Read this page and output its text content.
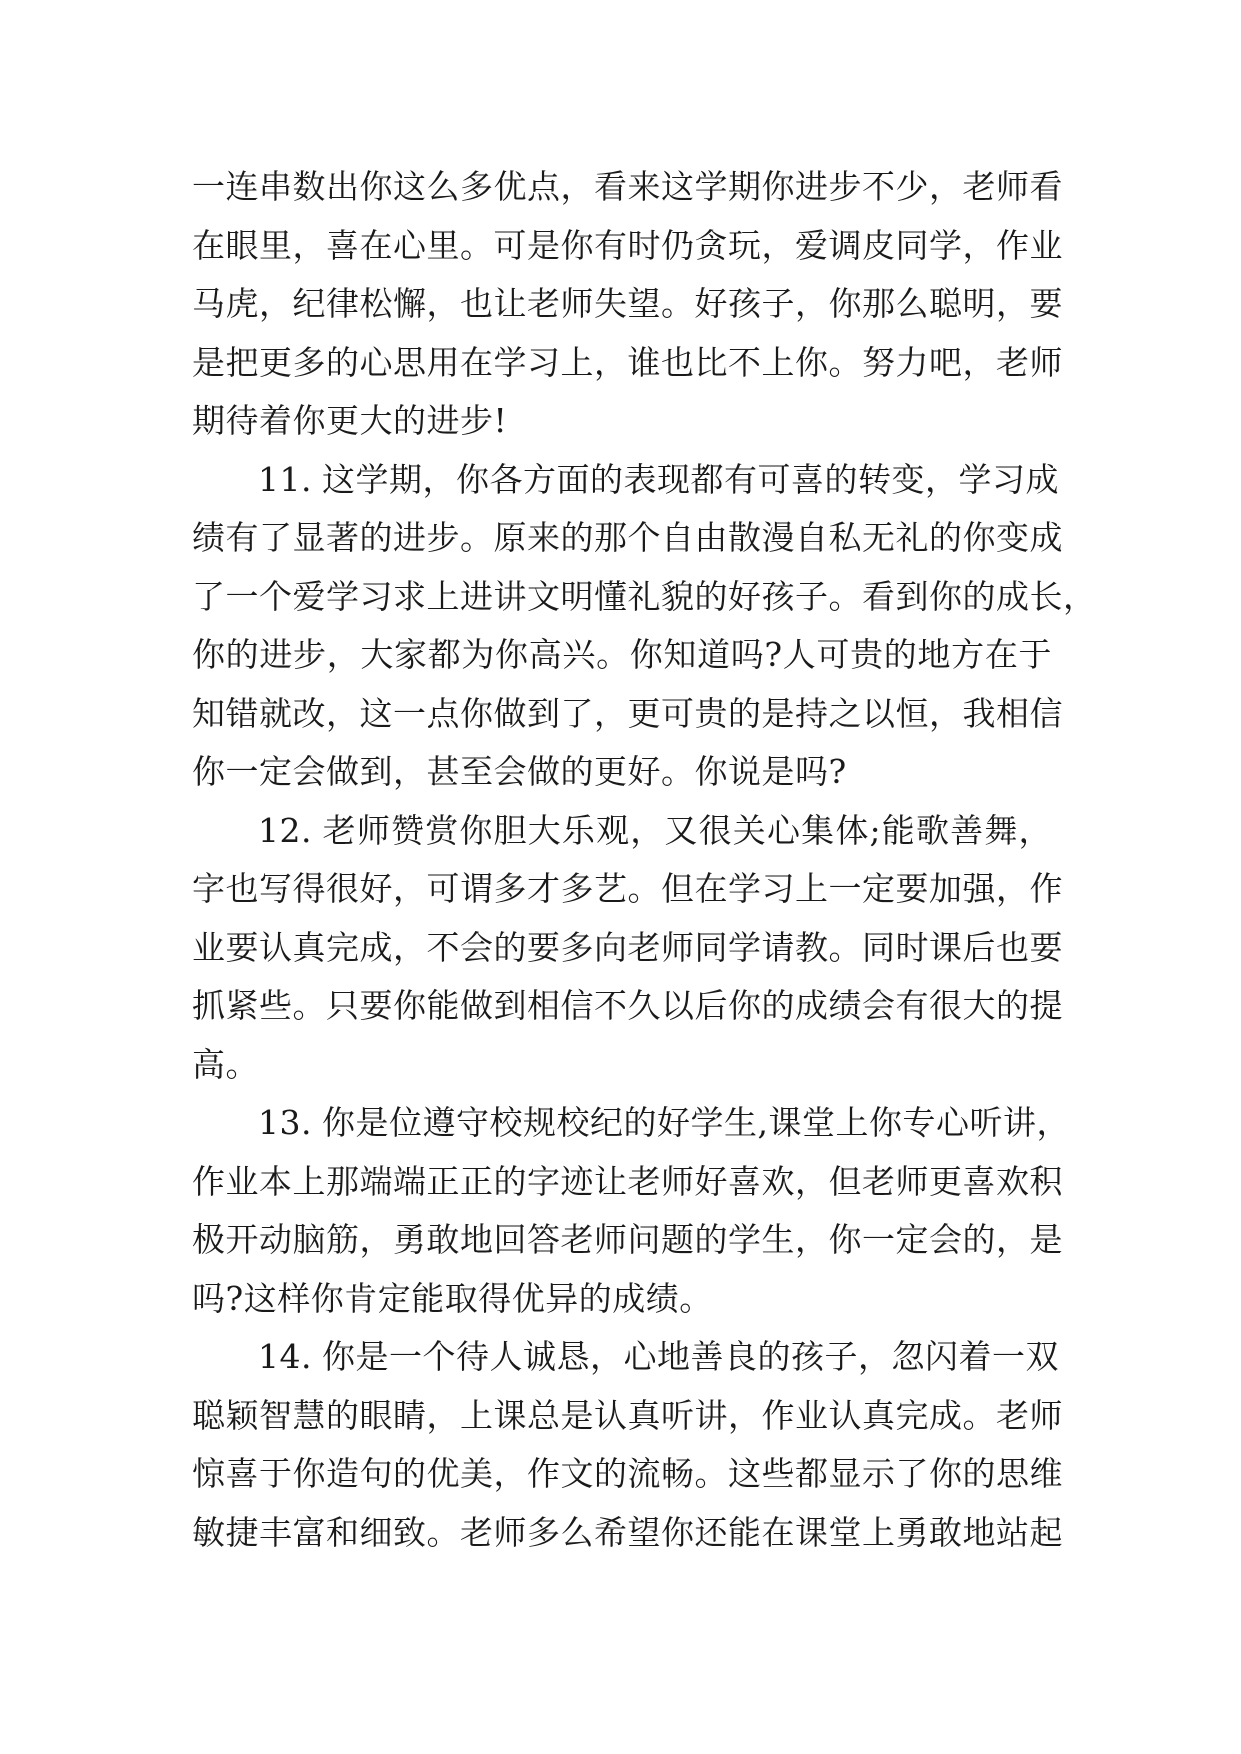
一连串数出你这么多优点，看来这学期你进步不少，老师看
在眼里，喜在心里。可是你有时仍贪玩，爱调皮同学，作业
马虎，纪律松懈，也让老师失望。好孩子，你那么聪明，要
是把更多的心思用在学习上，谁也比不上你。努力吧，老师
期待着你更大的进步!
11. 这学期，你各方面的表现都有可喜的转变，学习成
绩有了显著的进步。原来的那个自由散漫自私无礼的你变成
了一个爱学习求上进讲文明懂礼貌的好孩子。看到你的成长，
你的进步，大家都为你高兴。你知道吗?人可贵的地方在于
知错就改，这一点你做到了，更可贵的是持之以恒，我相信
你一定会做到，甚至会做的更好。你说是吗?
12. 老师赞赏你胆大乐观，又很关心集体;能歌善舞，
字也写得很好，可谓多才多艺。但在学习上一定要加强，作
业要认真完成，不会的要多向老师同学请教。同时课后也要
抓紧些。只要你能做到相信不久以后你的成绩会有很大的提
高。
13. 你是位遵守校规校纪的好学生,课堂上你专心听讲，
作业本上那端端正正的字迹让老师好喜欢，但老师更喜欢积
极开动脑筋，勇敢地回答老师问题的学生，你一定会的，是
吗?这样你肯定能取得优异的成绩。
14. 你是一个待人诚恳，心地善良的孩子，忽闪着一双
聪颖智慧的眼睛，上课总是认真听讲，作业认真完成。老师
惊喜于你造句的优美，作文的流畅。这些都显示了你的思维
敏捷丰富和细致。老师多么希望你还能在课堂上勇敢地站起
